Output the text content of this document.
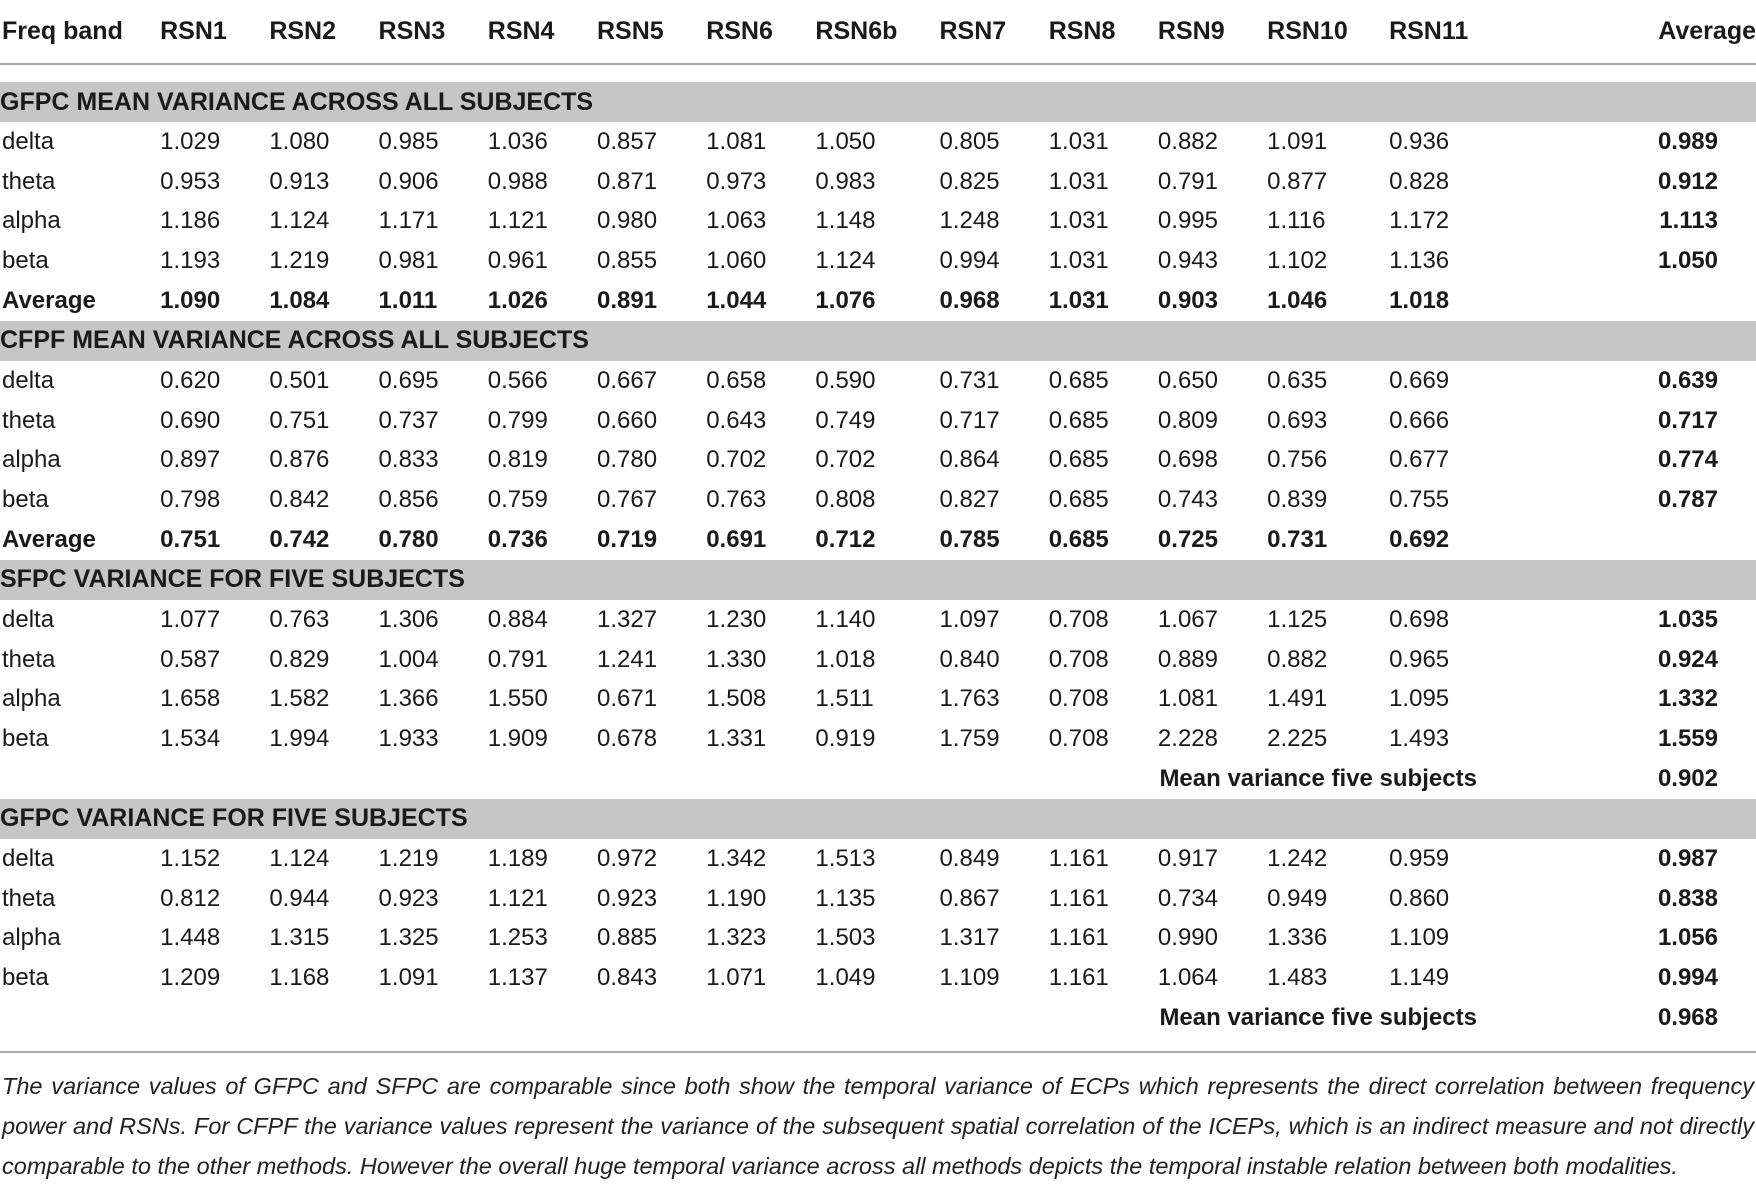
Freq band	RSN1	RSN2	RSN3	RSN4	RSN5	RSN6	RSN6b	RSN7	RSN8	RSN9	RSN10	RSN11	Average

GFPC MEAN VARIANCE ACROSS ALL SUBJECTS													
delta	1.029	1.080	0.985	1.036	0.857	1.081	1.050	0.805	1.031	0.882	1.091	0.936	0.989
theta	0.953	0.913	0.906	0.988	0.871	0.973	0.983	0.825	1.031	0.791	0.877	0.828	0.912
alpha	1.186	1.124	1.171	1.121	0.980	1.063	1.148	1.248	1.031	0.995	1.116	1.172	1.113
beta	1.193	1.219	0.981	0.961	0.855	1.060	1.124	0.994	1.031	0.943	1.102	1.136	1.050
Average	1.090	1.084	1.011	1.026	0.891	1.044	1.076	0.968	1.031	0.903	1.046	1.018	
CFPF MEAN VARIANCE ACROSS ALL SUBJECTS													
delta	0.620	0.501	0.695	0.566	0.667	0.658	0.590	0.731	0.685	0.650	0.635	0.669	0.639
theta	0.690	0.751	0.737	0.799	0.660	0.643	0.749	0.717	0.685	0.809	0.693	0.666	0.717
alpha	0.897	0.876	0.833	0.819	0.780	0.702	0.702	0.864	0.685	0.698	0.756	0.677	0.774
beta	0.798	0.842	0.856	0.759	0.767	0.763	0.808	0.827	0.685	0.743	0.839	0.755	0.787
Average	0.751	0.742	0.780	0.736	0.719	0.691	0.712	0.785	0.685	0.725	0.731	0.692	
SFPC VARIANCE FOR FIVE SUBJECTS													
delta	1.077	0.763	1.306	0.884	1.327	1.230	1.140	1.097	0.708	1.067	1.125	0.698	1.035
theta	0.587	0.829	1.004	0.791	1.241	1.330	1.018	0.840	0.708	0.889	0.882	0.965	0.924
alpha	1.658	1.582	1.366	1.550	0.671	1.508	1.511	1.763	0.708	1.081	1.491	1.095	1.332
beta	1.534	1.994	1.933	1.909	0.678	1.331	0.919	1.759	0.708	2.228	2.225	1.493	1.559
Mean variance five subjects													0.902
GFPC VARIANCE FOR FIVE SUBJECTS													
delta	1.152	1.124	1.219	1.189	0.972	1.342	1.513	0.849	1.161	0.917	1.242	0.959	0.987
theta	0.812	0.944	0.923	1.121	0.923	1.190	1.135	0.867	1.161	0.734	0.949	0.860	0.838
alpha	1.448	1.315	1.325	1.253	0.885	1.323	1.503	1.317	1.161	0.990	1.336	1.109	1.056
beta	1.209	1.168	1.091	1.137	0.843	1.071	1.049	1.109	1.161	1.064	1.483	1.149	0.994
Mean variance five subjects													0.968
The variance values of GFPC and SFPC are comparable since both show the temporal variance of ECPs which represents the direct correlation between frequency power and RSNs. For CFPF the variance values represent the variance of the subsequent spatial correlation of the ICEPs, which is an indirect measure and not directly comparable to the other methods. However the overall huge temporal variance across all methods depicts the temporal instable relation between both modalities.
